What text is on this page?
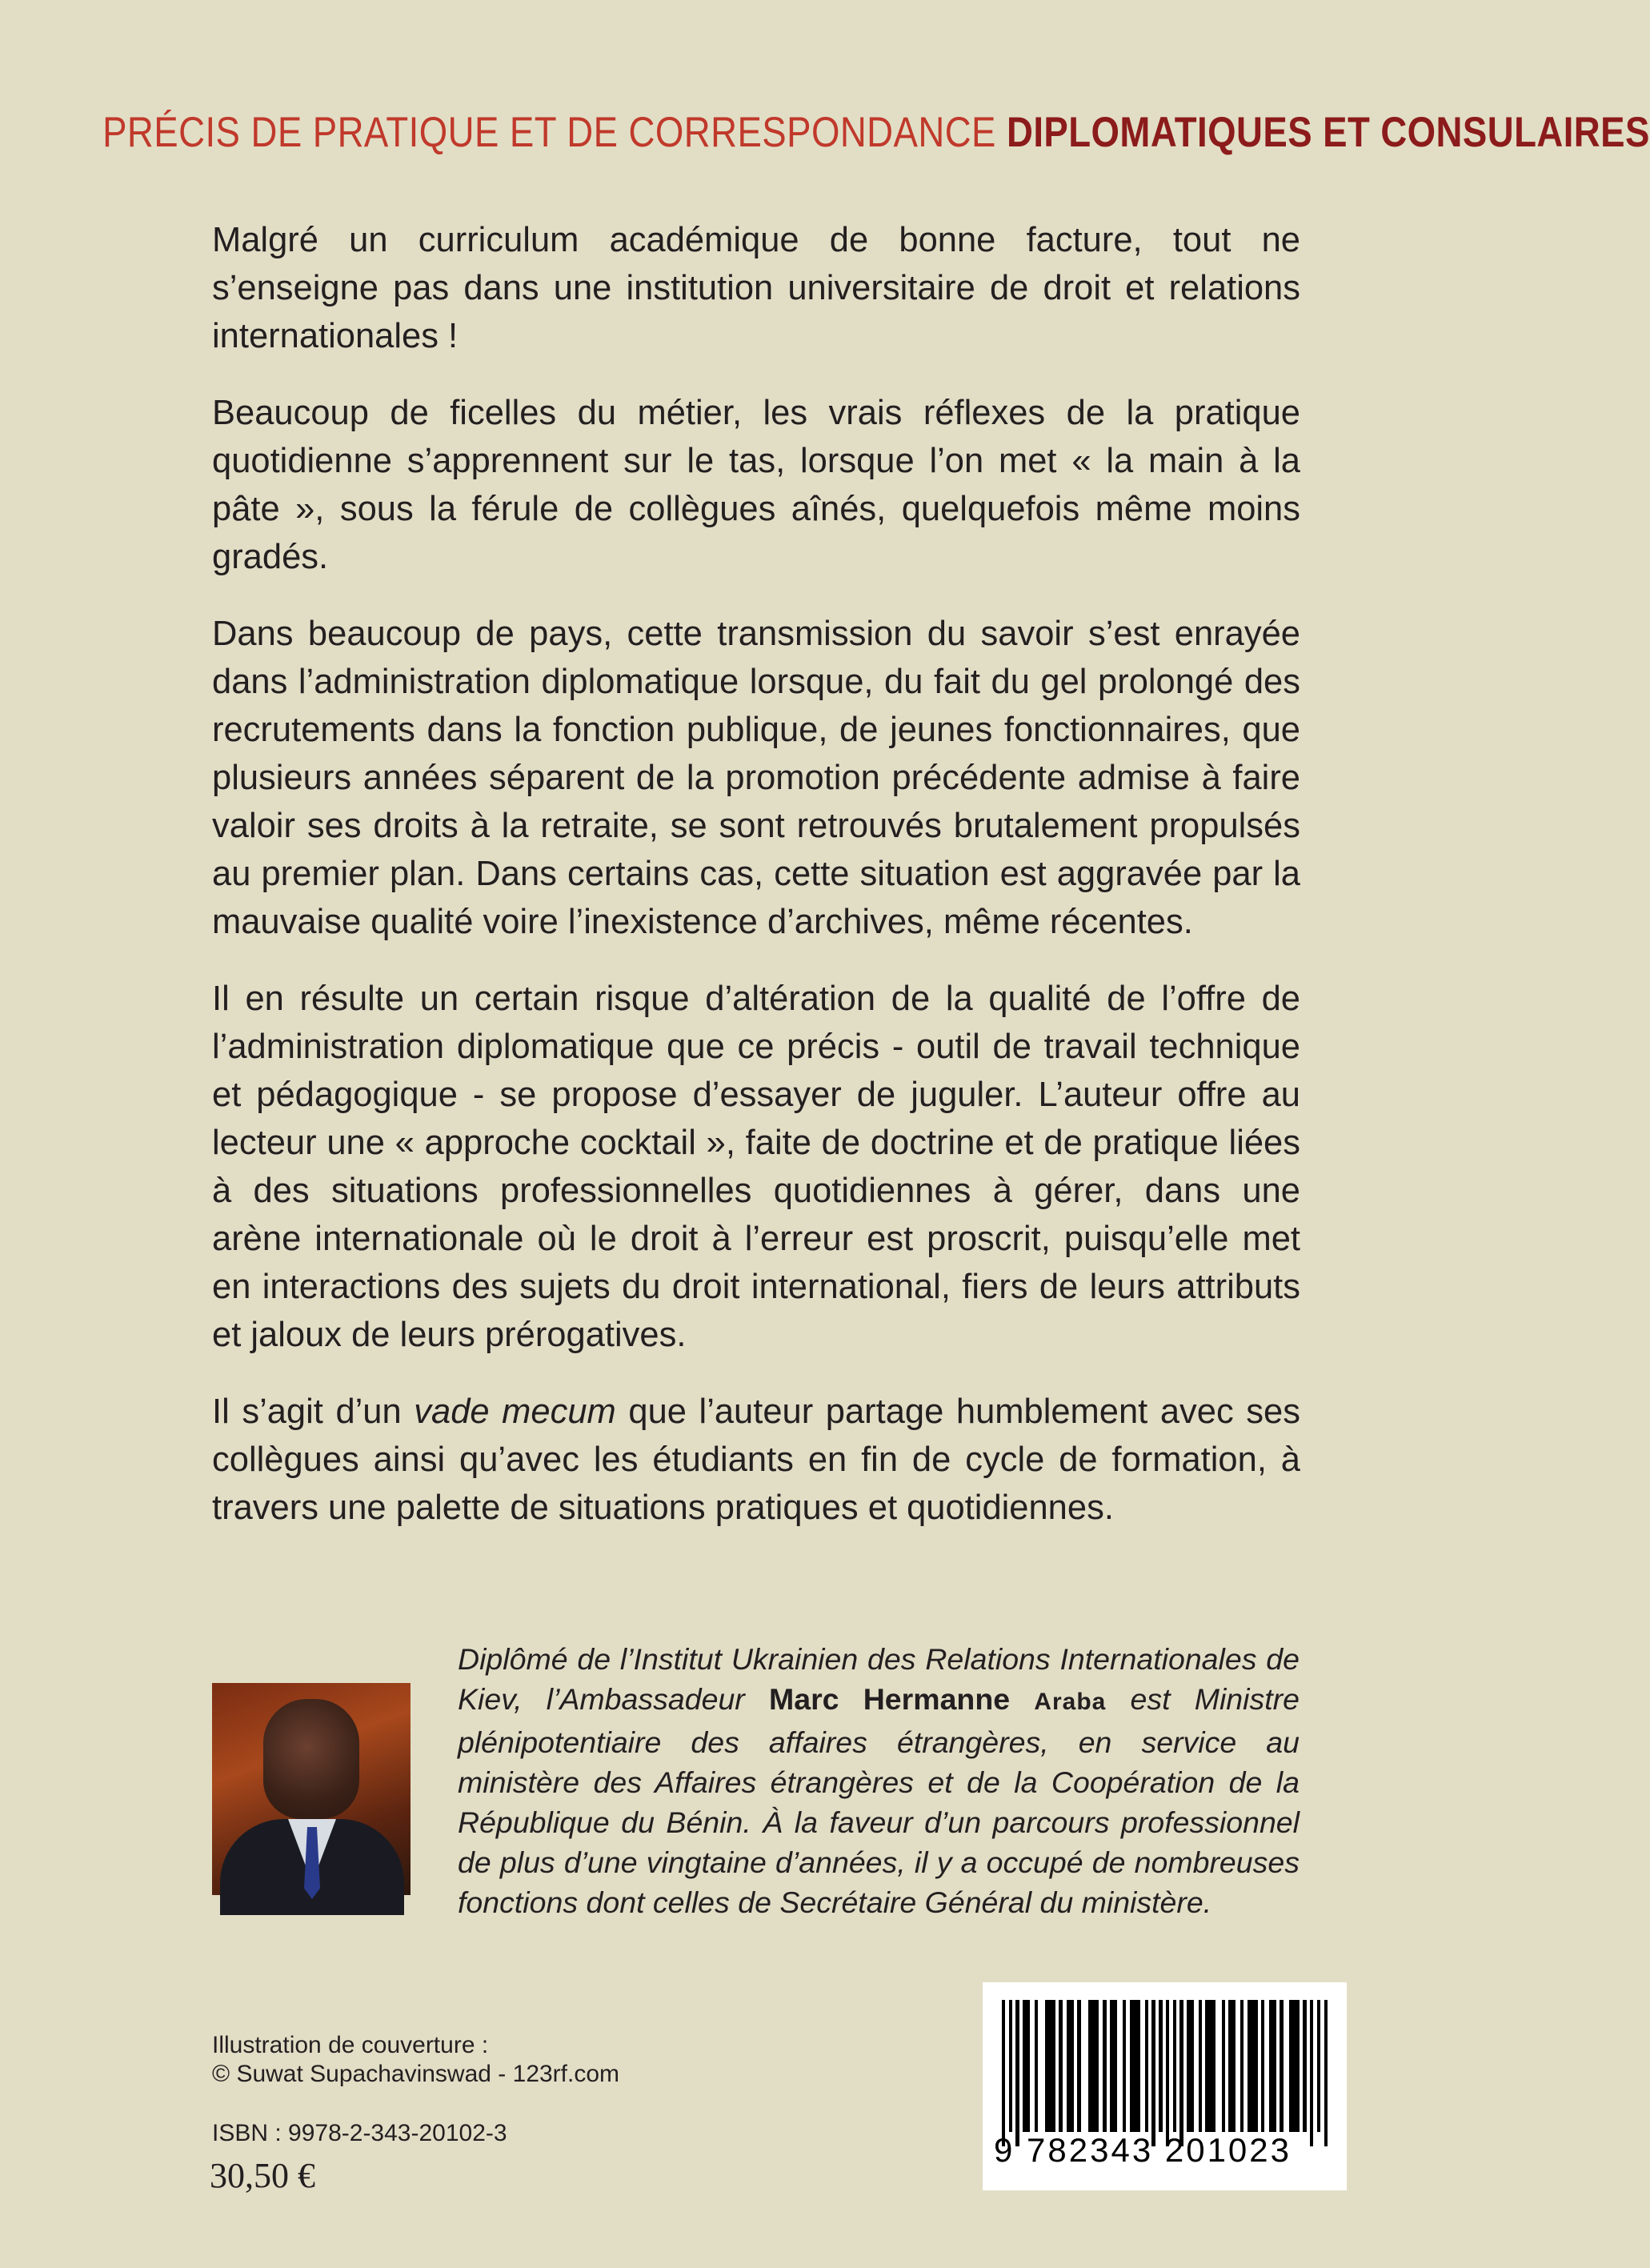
PRÉCIS DE PRATIQUE ET DE CORRESPONDANCE DIPLOMATIQUES ET CONSULAIRES

Malgré un curriculum académique de bonne facture, tout ne s’enseigne pas dans une institution universitaire de droit et relations internationales !

Beaucoup de ficelles du métier, les vrais réflexes de la pratique quotidienne s’apprennent sur le tas, lorsque l’on met « la main à la pâte », sous la férule de collègues aînés, quelquefois même moins gradés.

Dans beaucoup de pays, cette transmission du savoir s’est enrayée dans l’administration diplomatique lorsque, du fait du gel prolongé des recrutements dans la fonction publique, de jeunes fonctionnaires, que plusieurs années séparent de la promotion précédente admise à faire valoir ses droits à la retraite, se sont retrouvés brutalement propulsés au premier plan. Dans certains cas, cette situation est aggravée par la mauvaise qualité voire l’inexistence d’archives, même récentes.

Il en résulte un certain risque d’altération de la qualité de l’offre de l’administration diplomatique que ce précis - outil de travail technique et pédagogique - se propose d’essayer de juguler. L’auteur offre au lecteur une « approche cocktail », faite de doctrine et de pratique liées à des situations professionnelles quotidiennes à gérer, dans une arène internationale où le droit à l’erreur est proscrit, puisqu’elle met en interactions des sujets du droit international, fiers de leurs attributs et jaloux de leurs prérogatives.

Il s’agit d’un vade mecum que l’auteur partage humblement avec ses collègues ainsi qu’avec les étudiants en fin de cycle de formation, à travers une palette de situations pratiques et quotidiennes.

Diplômé de l’Institut Ukrainien des Relations Internationales de Kiev, l’Ambassadeur Marc Hermanne Araba est Ministre plénipotentiaire des affaires étrangères, en service au ministère des Affaires étrangères et de la Coopération de la République du Bénin. À la faveur d’un parcours professionnel de plus d’une vingtaine d’années, il y a occupé de nombreuses fonctions dont celles de Secrétaire Général du ministère.

Illustration de couverture :
© Suwat Supachavinswad - 123rf.com
ISBN : 9978-2-343-20102-3
30,50 €
9 782343 201023
